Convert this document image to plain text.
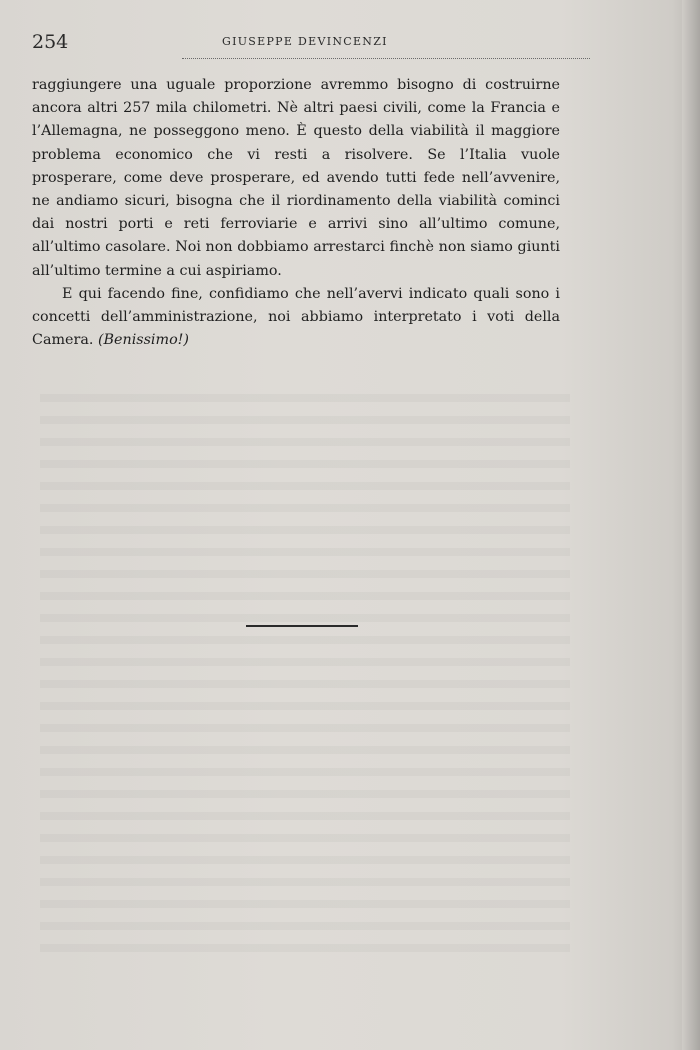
254	GIUSEPPE DEVINCENZI

raggiungere una uguale proporzione avremmo bisogno di costruirne ancora altri 257 mila chilometri. Nè altri paesi civili, come la Francia e l’Allemagna, ne posseggono meno. È questo della viabilità il maggiore problema economico che vi resti a risolvere. Se l’Italia vuole prosperare, come deve prosperare, ed avendo tutti fede nell’avvenire, ne andiamo sicuri, bisogna che il riordinamento della viabilità cominci dai nostri porti e reti ferroviarie e arrivi sino all’ultimo comune, all’ultimo casolare. Noi non dobbiamo arrestarci finchè non siamo giunti all’ultimo termine a cui aspiriamo.

E qui facendo fine, confidiamo che nell’avervi indicato quali sono i concetti dell’amministrazione, noi abbiamo interpretato i voti della Camera. (Benissimo!)
